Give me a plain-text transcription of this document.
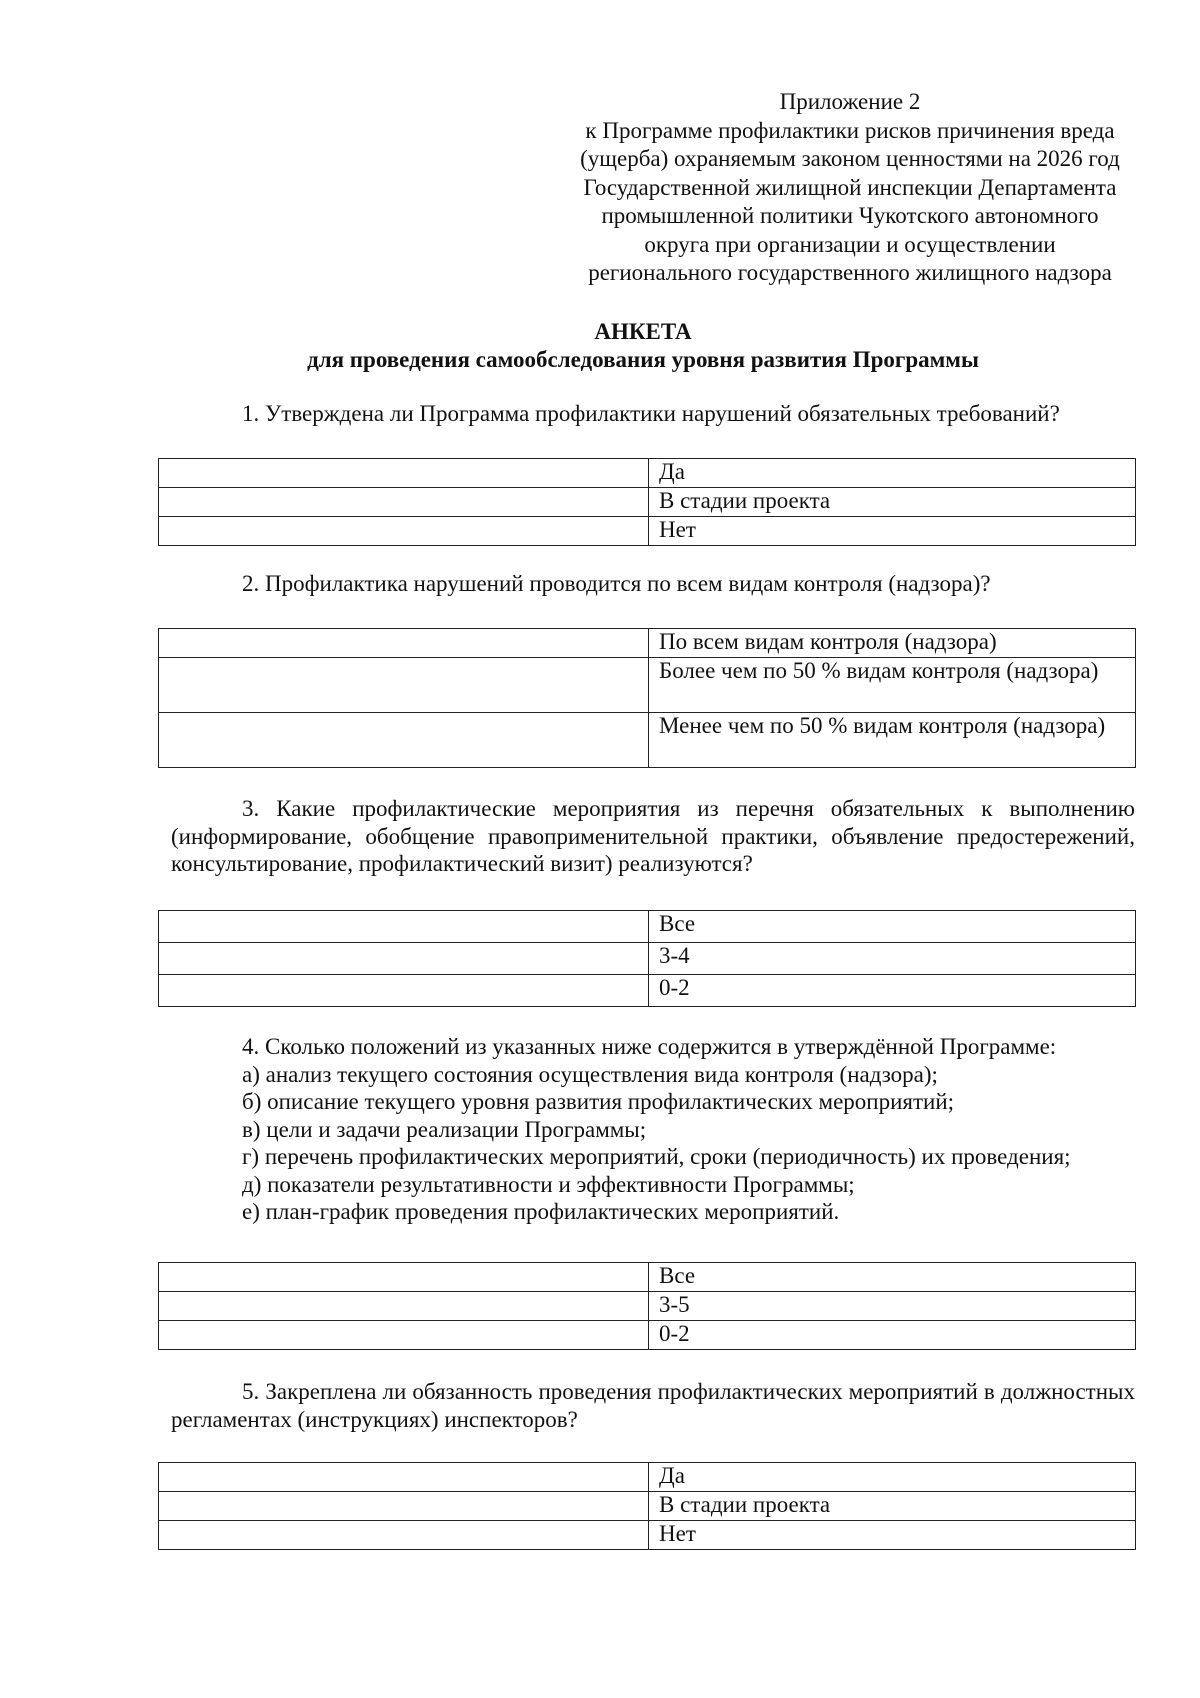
Приложение 2
к Программе профилактики рисков причинения вреда
(ущерба) охраняемым законом ценностями на 2026 год
Государственной жилищной инспекции Департамента
промышленной политики Чукотского автономного
округа при организации и осуществлении
регионального государственного жилищного надзора
АНКЕТА
для проведения самообследования уровня развития Программы
1. Утверждена ли Программа профилактики нарушений обязательных требований?
	Да
	В стадии проекта
	Нет
2. Профилактика нарушений проводится по всем видам контроля (надзора)?
	По всем видам контроля (надзора)
	Более чем по 50 % видам контроля (надзора)
	Менее чем по 50 % видам контроля (надзора)
3. Какие профилактические мероприятия из перечня обязательных к выполнению (информирование, обобщение правоприменительной практики, объявление предостережений, консультирование, профилактический визит) реализуются?
	Все
	3-4
	0-2
4. Сколько положений из указанных ниже содержится в утверждённой Программе:
а) анализ текущего состояния осуществления вида контроля (надзора);
б) описание текущего уровня развития профилактических мероприятий;
в) цели и задачи реализации Программы;
г) перечень профилактических мероприятий, сроки (периодичность) их проведения;
д) показатели результативности и эффективности Программы;
е) план-график проведения профилактических мероприятий.
	Все
	3-5
	0-2
5. Закреплена ли обязанность проведения профилактических мероприятий в должностных регламентах (инструкциях) инспекторов?
	Да
	В стадии проекта
	Нет
